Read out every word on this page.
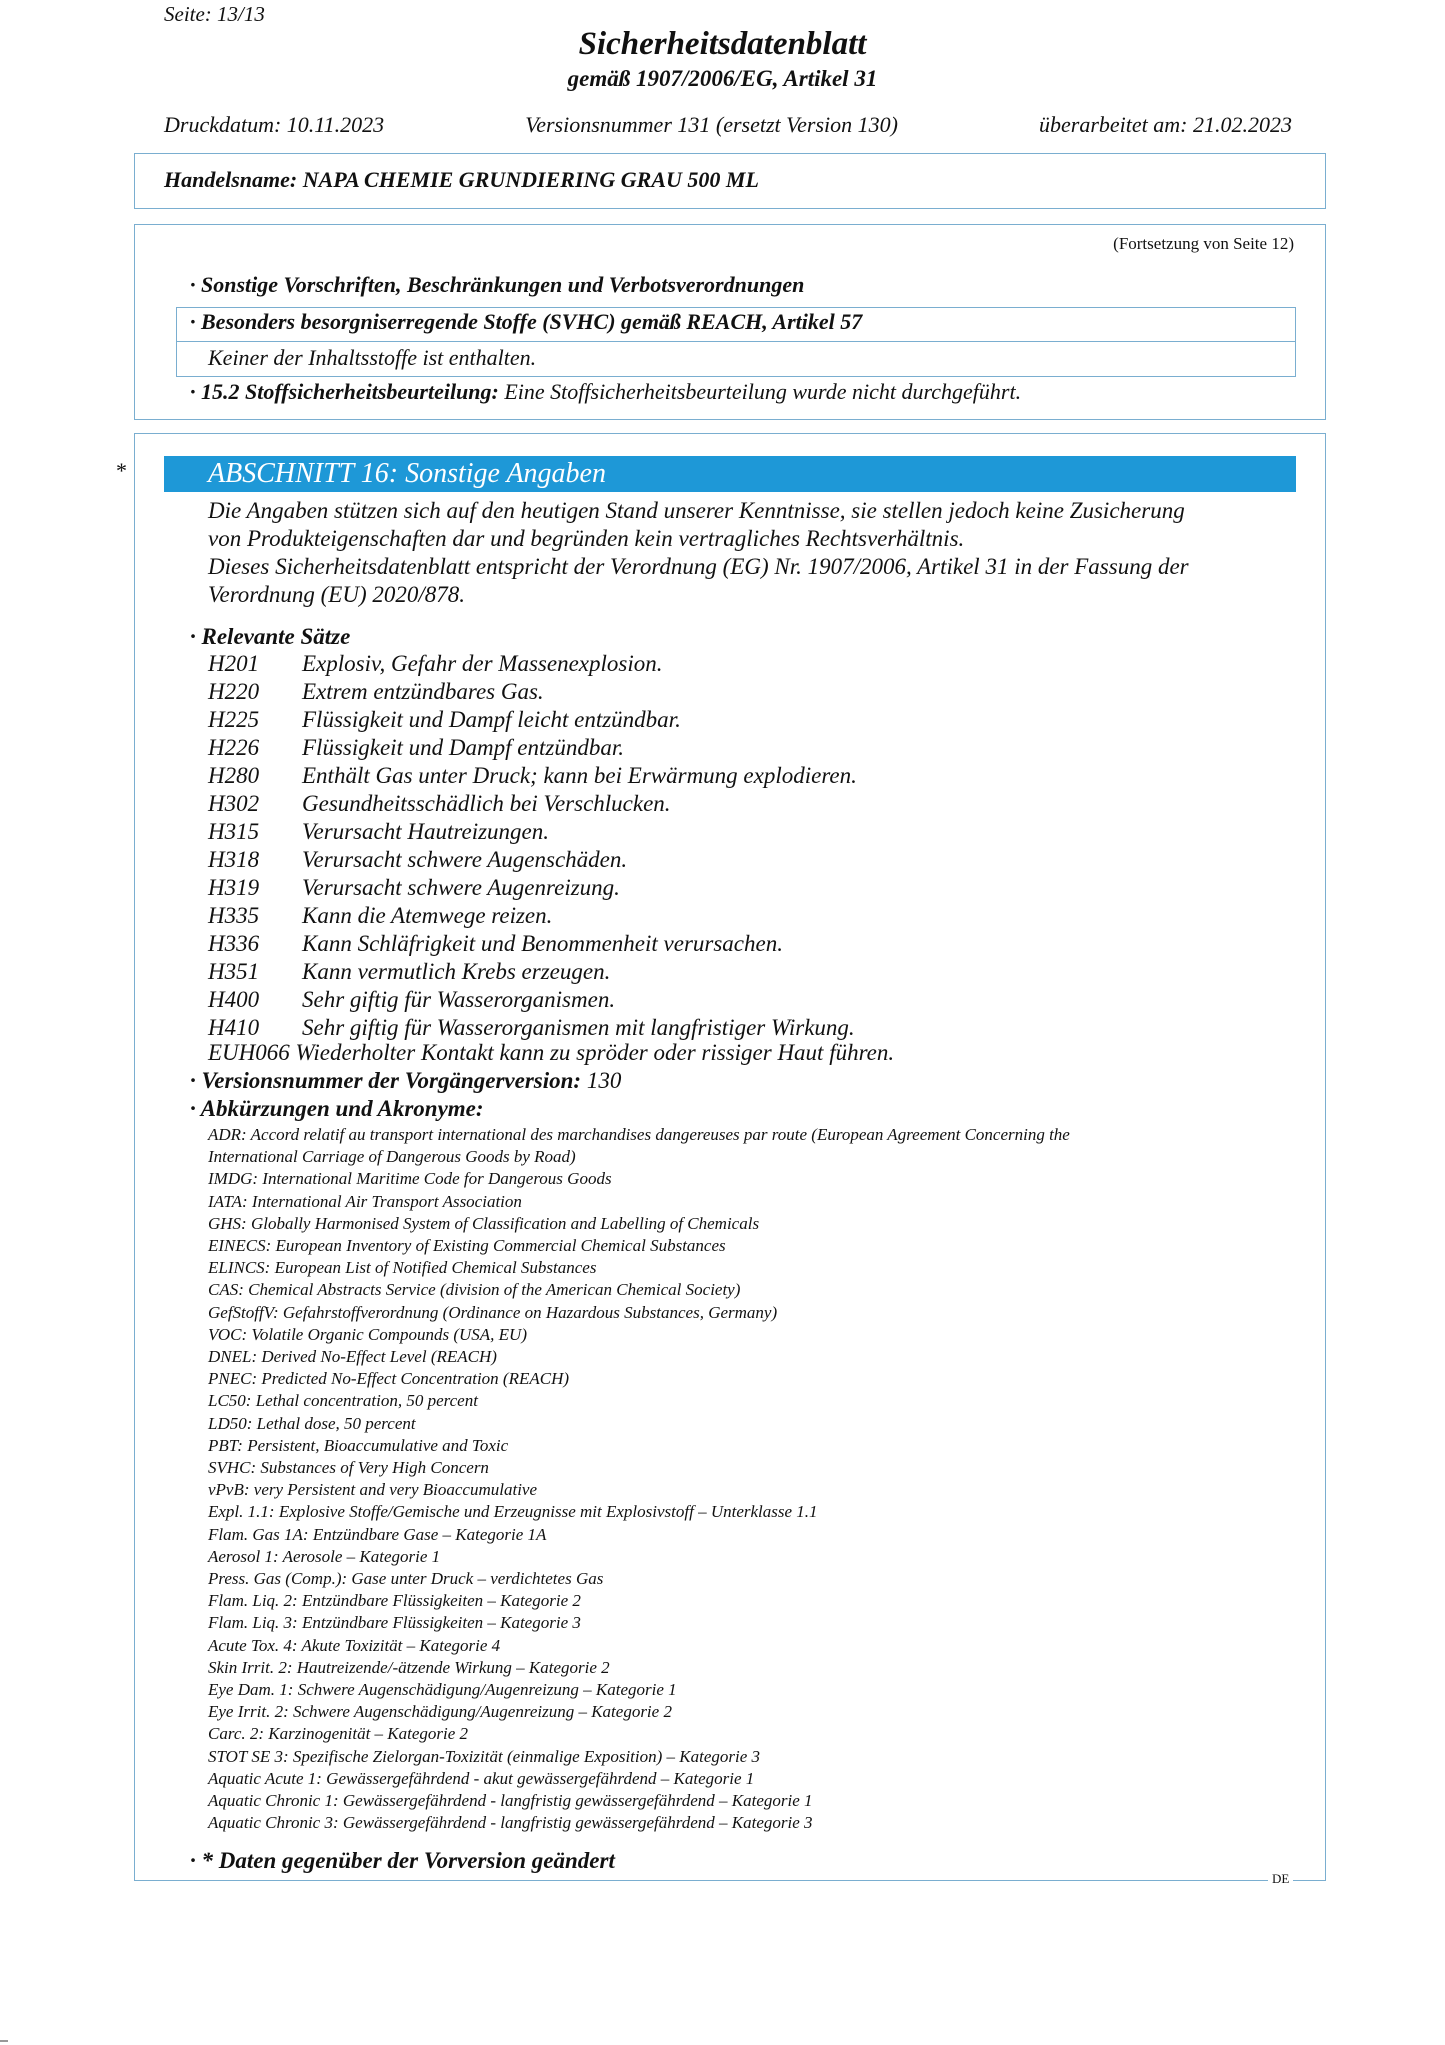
Seite: 13/13
Sicherheitsdatenblatt
gemäß 1907/2006/EG, Artikel 31
Druckdatum: 10.11.2023	Versionsnummer 131 (ersetzt Version 130)	überarbeitet am: 21.02.2023
Handelsname: NAPA CHEMIE GRUNDIERING GRAU 500 ML
(Fortsetzung von Seite 12)
· Sonstige Vorschriften, Beschränkungen und Verbotsverordnungen
· Besonders besorgniserregende Stoffe (SVHC) gemäß REACH, Artikel 57
Keiner der Inhaltsstoffe ist enthalten.
· 15.2 Stoffsicherheitsbeurteilung: Eine Stoffsicherheitsbeurteilung wurde nicht durchgeführt.
*	ABSCHNITT 16: Sonstige Angaben
Die Angaben stützen sich auf den heutigen Stand unserer Kenntnisse, sie stellen jedoch keine Zusicherung
von Produkteigenschaften dar und begründen kein vertragliches Rechtsverhältnis.
Dieses Sicherheitsdatenblatt entspricht der Verordnung (EG) Nr. 1907/2006, Artikel 31 in der Fassung der
Verordnung (EU) 2020/878.
· Relevante Sätze
H201 Explosiv, Gefahr der Massenexplosion.
H220 Extrem entzündbares Gas.
H225 Flüssigkeit und Dampf leicht entzündbar.
H226 Flüssigkeit und Dampf entzündbar.
H280 Enthält Gas unter Druck; kann bei Erwärmung explodieren.
H302 Gesundheitsschädlich bei Verschlucken.
H315 Verursacht Hautreizungen.
H318 Verursacht schwere Augenschäden.
H319 Verursacht schwere Augenreizung.
H335 Kann die Atemwege reizen.
H336 Kann Schläfrigkeit und Benommenheit verursachen.
H351 Kann vermutlich Krebs erzeugen.
H400 Sehr giftig für Wasserorganismen.
H410 Sehr giftig für Wasserorganismen mit langfristiger Wirkung.
EUH066 Wiederholter Kontakt kann zu spröder oder rissiger Haut führen.
· Versionsnummer der Vorgängerversion: 130
· Abkürzungen und Akronyme:
ADR: Accord relatif au transport international des marchandises dangereuses par route (European Agreement Concerning the
International Carriage of Dangerous Goods by Road)
IMDG: International Maritime Code for Dangerous Goods
IATA: International Air Transport Association
GHS: Globally Harmonised System of Classification and Labelling of Chemicals
EINECS: European Inventory of Existing Commercial Chemical Substances
ELINCS: European List of Notified Chemical Substances
CAS: Chemical Abstracts Service (division of the American Chemical Society)
GefStoffV: Gefahrstoffverordnung (Ordinance on Hazardous Substances, Germany)
VOC: Volatile Organic Compounds (USA, EU)
DNEL: Derived No-Effect Level (REACH)
PNEC: Predicted No-Effect Concentration (REACH)
LC50: Lethal concentration, 50 percent
LD50: Lethal dose, 50 percent
PBT: Persistent, Bioaccumulative and Toxic
SVHC: Substances of Very High Concern
vPvB: very Persistent and very Bioaccumulative
Expl. 1.1: Explosive Stoffe/Gemische und Erzeugnisse mit Explosivstoff – Unterklasse 1.1
Flam. Gas 1A: Entzündbare Gase – Kategorie 1A
Aerosol 1: Aerosole – Kategorie 1
Press. Gas (Comp.): Gase unter Druck – verdichtetes Gas
Flam. Liq. 2: Entzündbare Flüssigkeiten – Kategorie 2
Flam. Liq. 3: Entzündbare Flüssigkeiten – Kategorie 3
Acute Tox. 4: Akute Toxizität – Kategorie 4
Skin Irrit. 2: Hautreizende/-ätzende Wirkung – Kategorie 2
Eye Dam. 1: Schwere Augenschädigung/Augenreizung – Kategorie 1
Eye Irrit. 2: Schwere Augenschädigung/Augenreizung – Kategorie 2
Carc. 2: Karzinogenität – Kategorie 2
STOT SE 3: Spezifische Zielorgan-Toxizität (einmalige Exposition) – Kategorie 3
Aquatic Acute 1: Gewässergefährdend - akut gewässergefährdend – Kategorie 1
Aquatic Chronic 1: Gewässergefährdend - langfristig gewässergefährdend – Kategorie 1
Aquatic Chronic 3: Gewässergefährdend - langfristig gewässergefährdend – Kategorie 3
· * Daten gegenüber der Vorversion geändert
DE
